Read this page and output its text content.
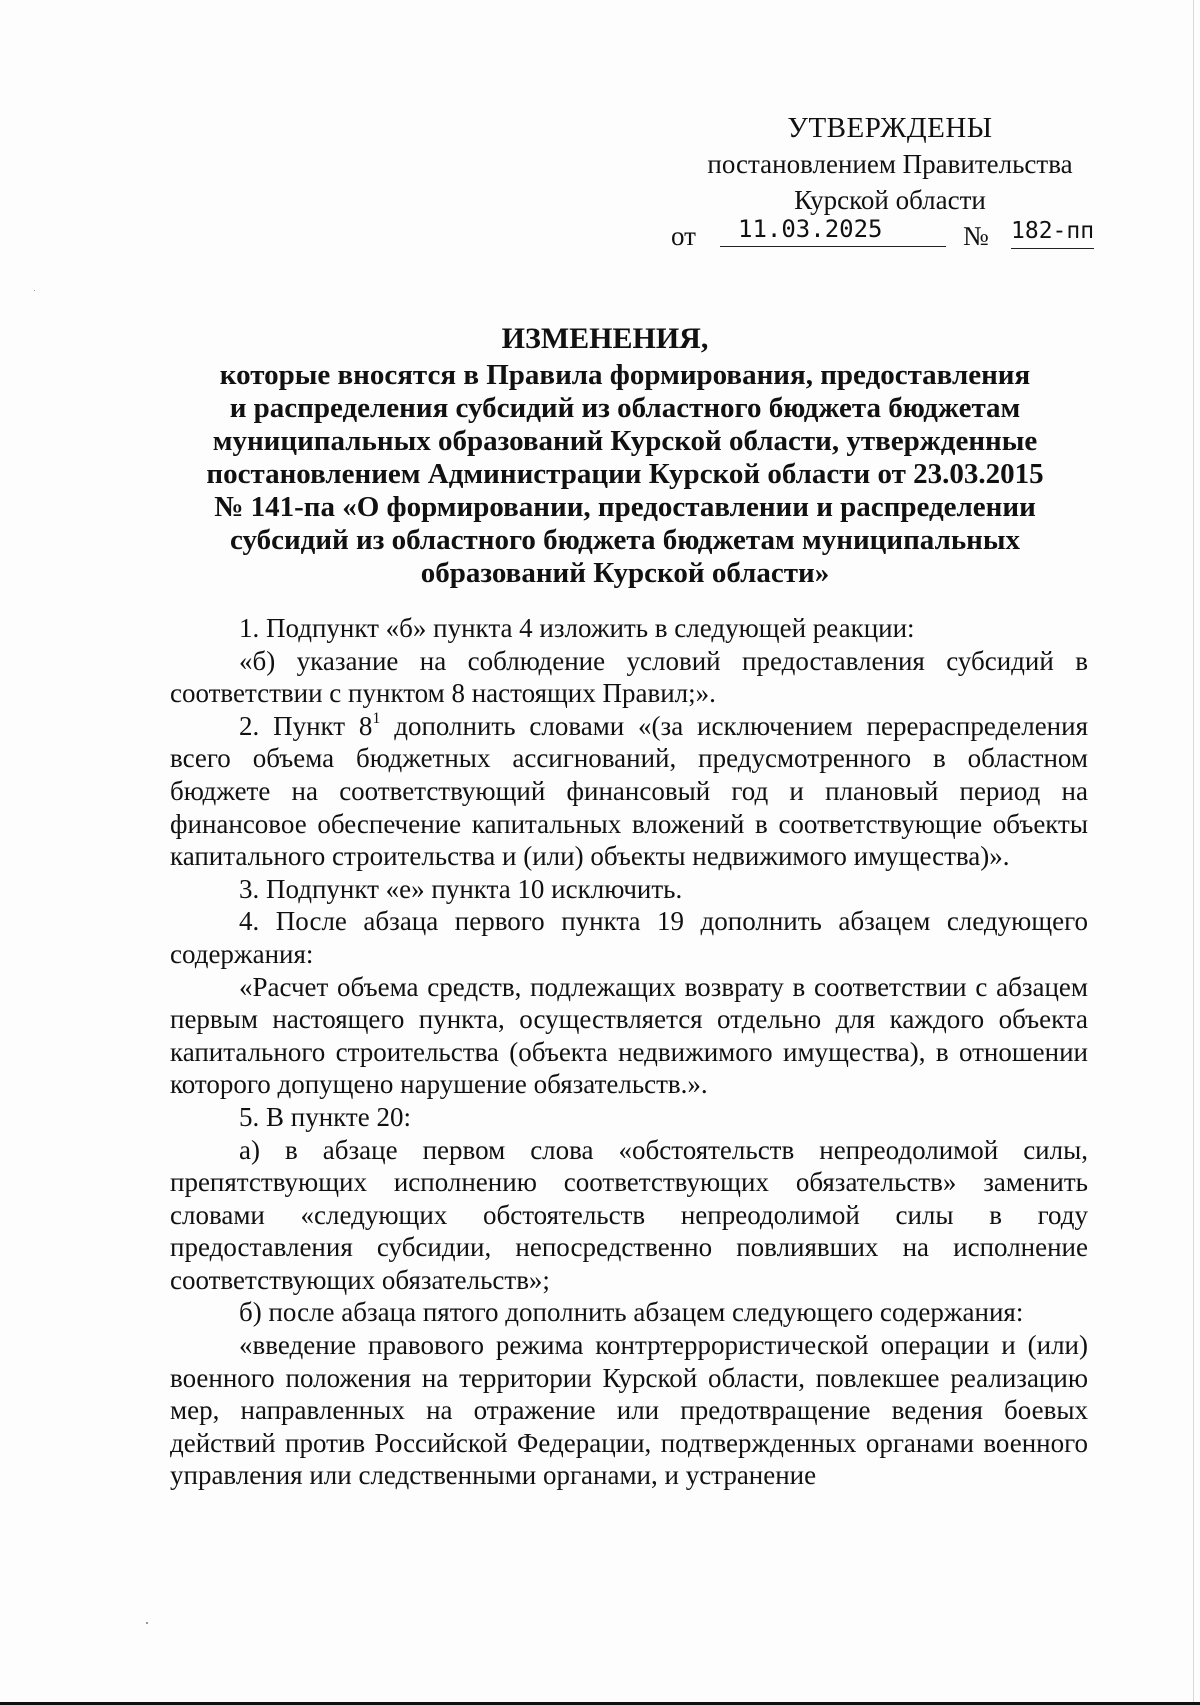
УТВЕРЖДЕНЫ
постановлением Правительства
Курской области
от	11.03.2025	№ 182-пп
ИЗМЕНЕНИЯ,
которые вносятся в Правила формирования, предоставления
и распределения субсидий из областного бюджета бюджетам
муниципальных образований Курской области, утвержденные
постановлением Администрации Курской области от 23.03.2015
№ 141-па «О формировании, предоставлении и распределении
субсидий из областного бюджета бюджетам муниципальных
образований Курской области»

1. Подпункт «б» пункта 4 изложить в следующей реакции:

«б) указание на соблюдение условий предоставления субсидий в соответствии с пунктом 8 настоящих Правил;».

2. Пункт $8^1$ дополнить словами «(за исключением перераспределения всего объема бюджетных ассигнований, предусмотренного в областном бюджете на соответствующий финансовый год и плановый период на финансовое обеспечение капитальных вложений в соответствующие объекты капитального строительства и (или) объекты недвижимого имущества)».

3. Подпункт «е» пункта 10 исключить.

4. После абзаца первого пункта 19 дополнить абзацем следующего содержания:

«Расчет объема средств, подлежащих возврату в соответствии с абзацем первым настоящего пункта, осуществляется отдельно для каждого объекта капитального строительства (объекта недвижимого имущества), в отношении которого допущено нарушение обязательств.».

5. В пункте 20:

а) в абзаце первом слова «обстоятельств непреодолимой силы, препятствующих исполнению соответствующих обязательств» заменить словами «следующих обстоятельств непреодолимой силы в году предоставления субсидии, непосредственно повлиявших на исполнение соответствующих обязательств»;

б) после абзаца пятого дополнить абзацем следующего содержания:

«введение правового режима контртеррористической операции и (или) военного положения на территории Курской области, повлекшее реализацию мер, направленных на отражение или предотвращение ведения боевых действий против Российской Федерации, подтвержденных органами военного управления или следственными органами, и устранение
